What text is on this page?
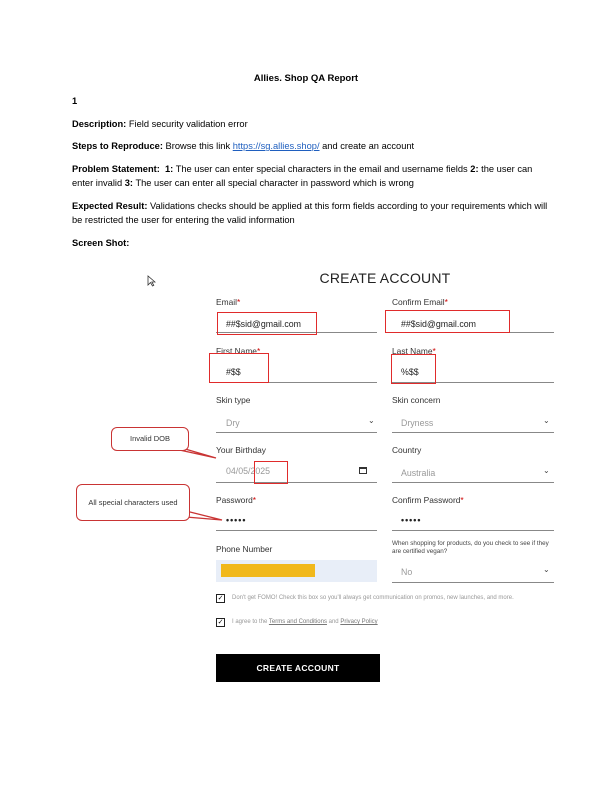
Allies. Shop QA Report
1
Description: Field security validation error
Steps to Reproduce: Browse this link https://sg.allies.shop/ and create an account
Problem Statement: 1: The user can enter special characters in the email and username fields 2: the user can enter invalid 3: The user can enter all special character in password which is wrong
Expected Result: Validations checks should be applied at this form fields according to your requirements which will be restricted the user for entering the valid information
Screen Shot:
CREATE ACCOUNT
Email*
##$sid@gmail.com
Confirm Email*
##$sid@gmail.com
First Name*
#$$
Last Name*
%$$
Skin type
Dry	⌄
Skin concern
Dryness	⌄
Your Birthday
04/05/2025
Country
Australia	⌄
Password*
•••••
Confirm Password*
•••••
Phone Number
When shopping for products, do you check to see if they are certified vegan?
No	⌄
✓ Don't get FOMO! Check this box so you'll always get communication on promos, new launches, and more.
✓ I agree to the Terms and Conditions and Privacy Policy
CREATE ACCOUNT
Invalid DOB
All special characters used
